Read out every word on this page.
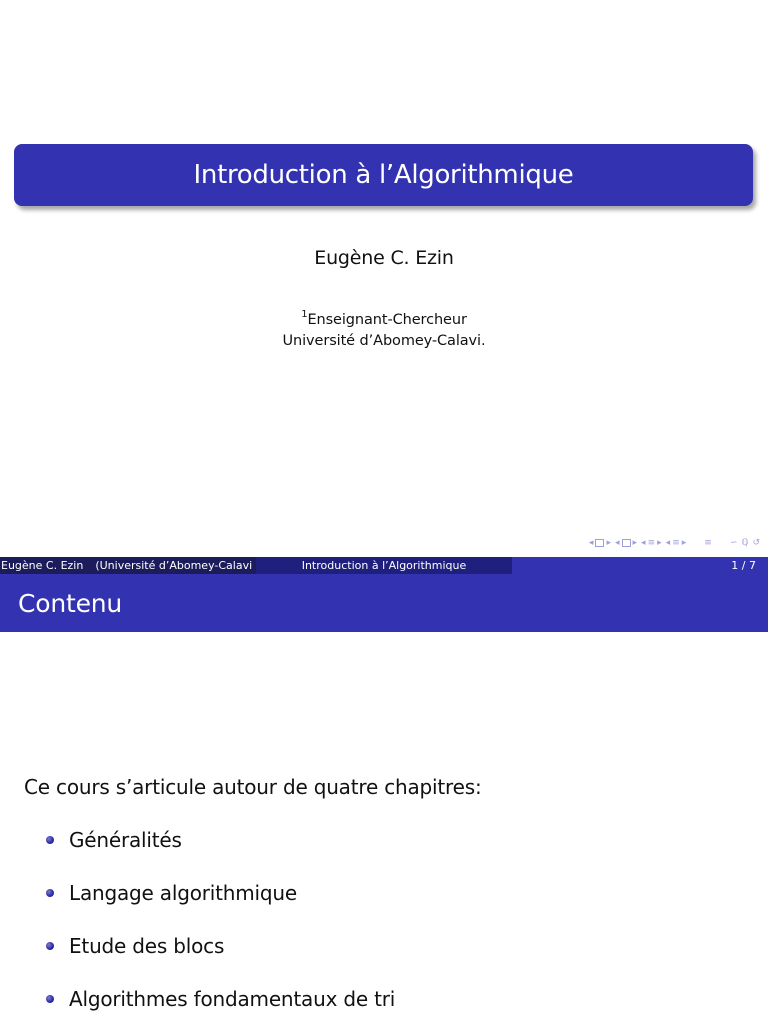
Introduction à l’Algorithmique
Eugène C. Ezin
$^1$Enseignant-Chercheur
Université d’Abomey-Calavi.
◂ ▸ ◂ ▸ ◂ ≡ ▸ ◂ ≡ ▸ ≡ ∽ ℚ ↺
Eugène C. Ezin (Université d’Abomey-Calavi	Introduction à l’Algorithmique	1 / 7
Contenu
Ce cours s’articule autour de quatre chapitres:
Généralités
Langage algorithmique
Etude des blocs
Algorithmes fondamentaux de tri
